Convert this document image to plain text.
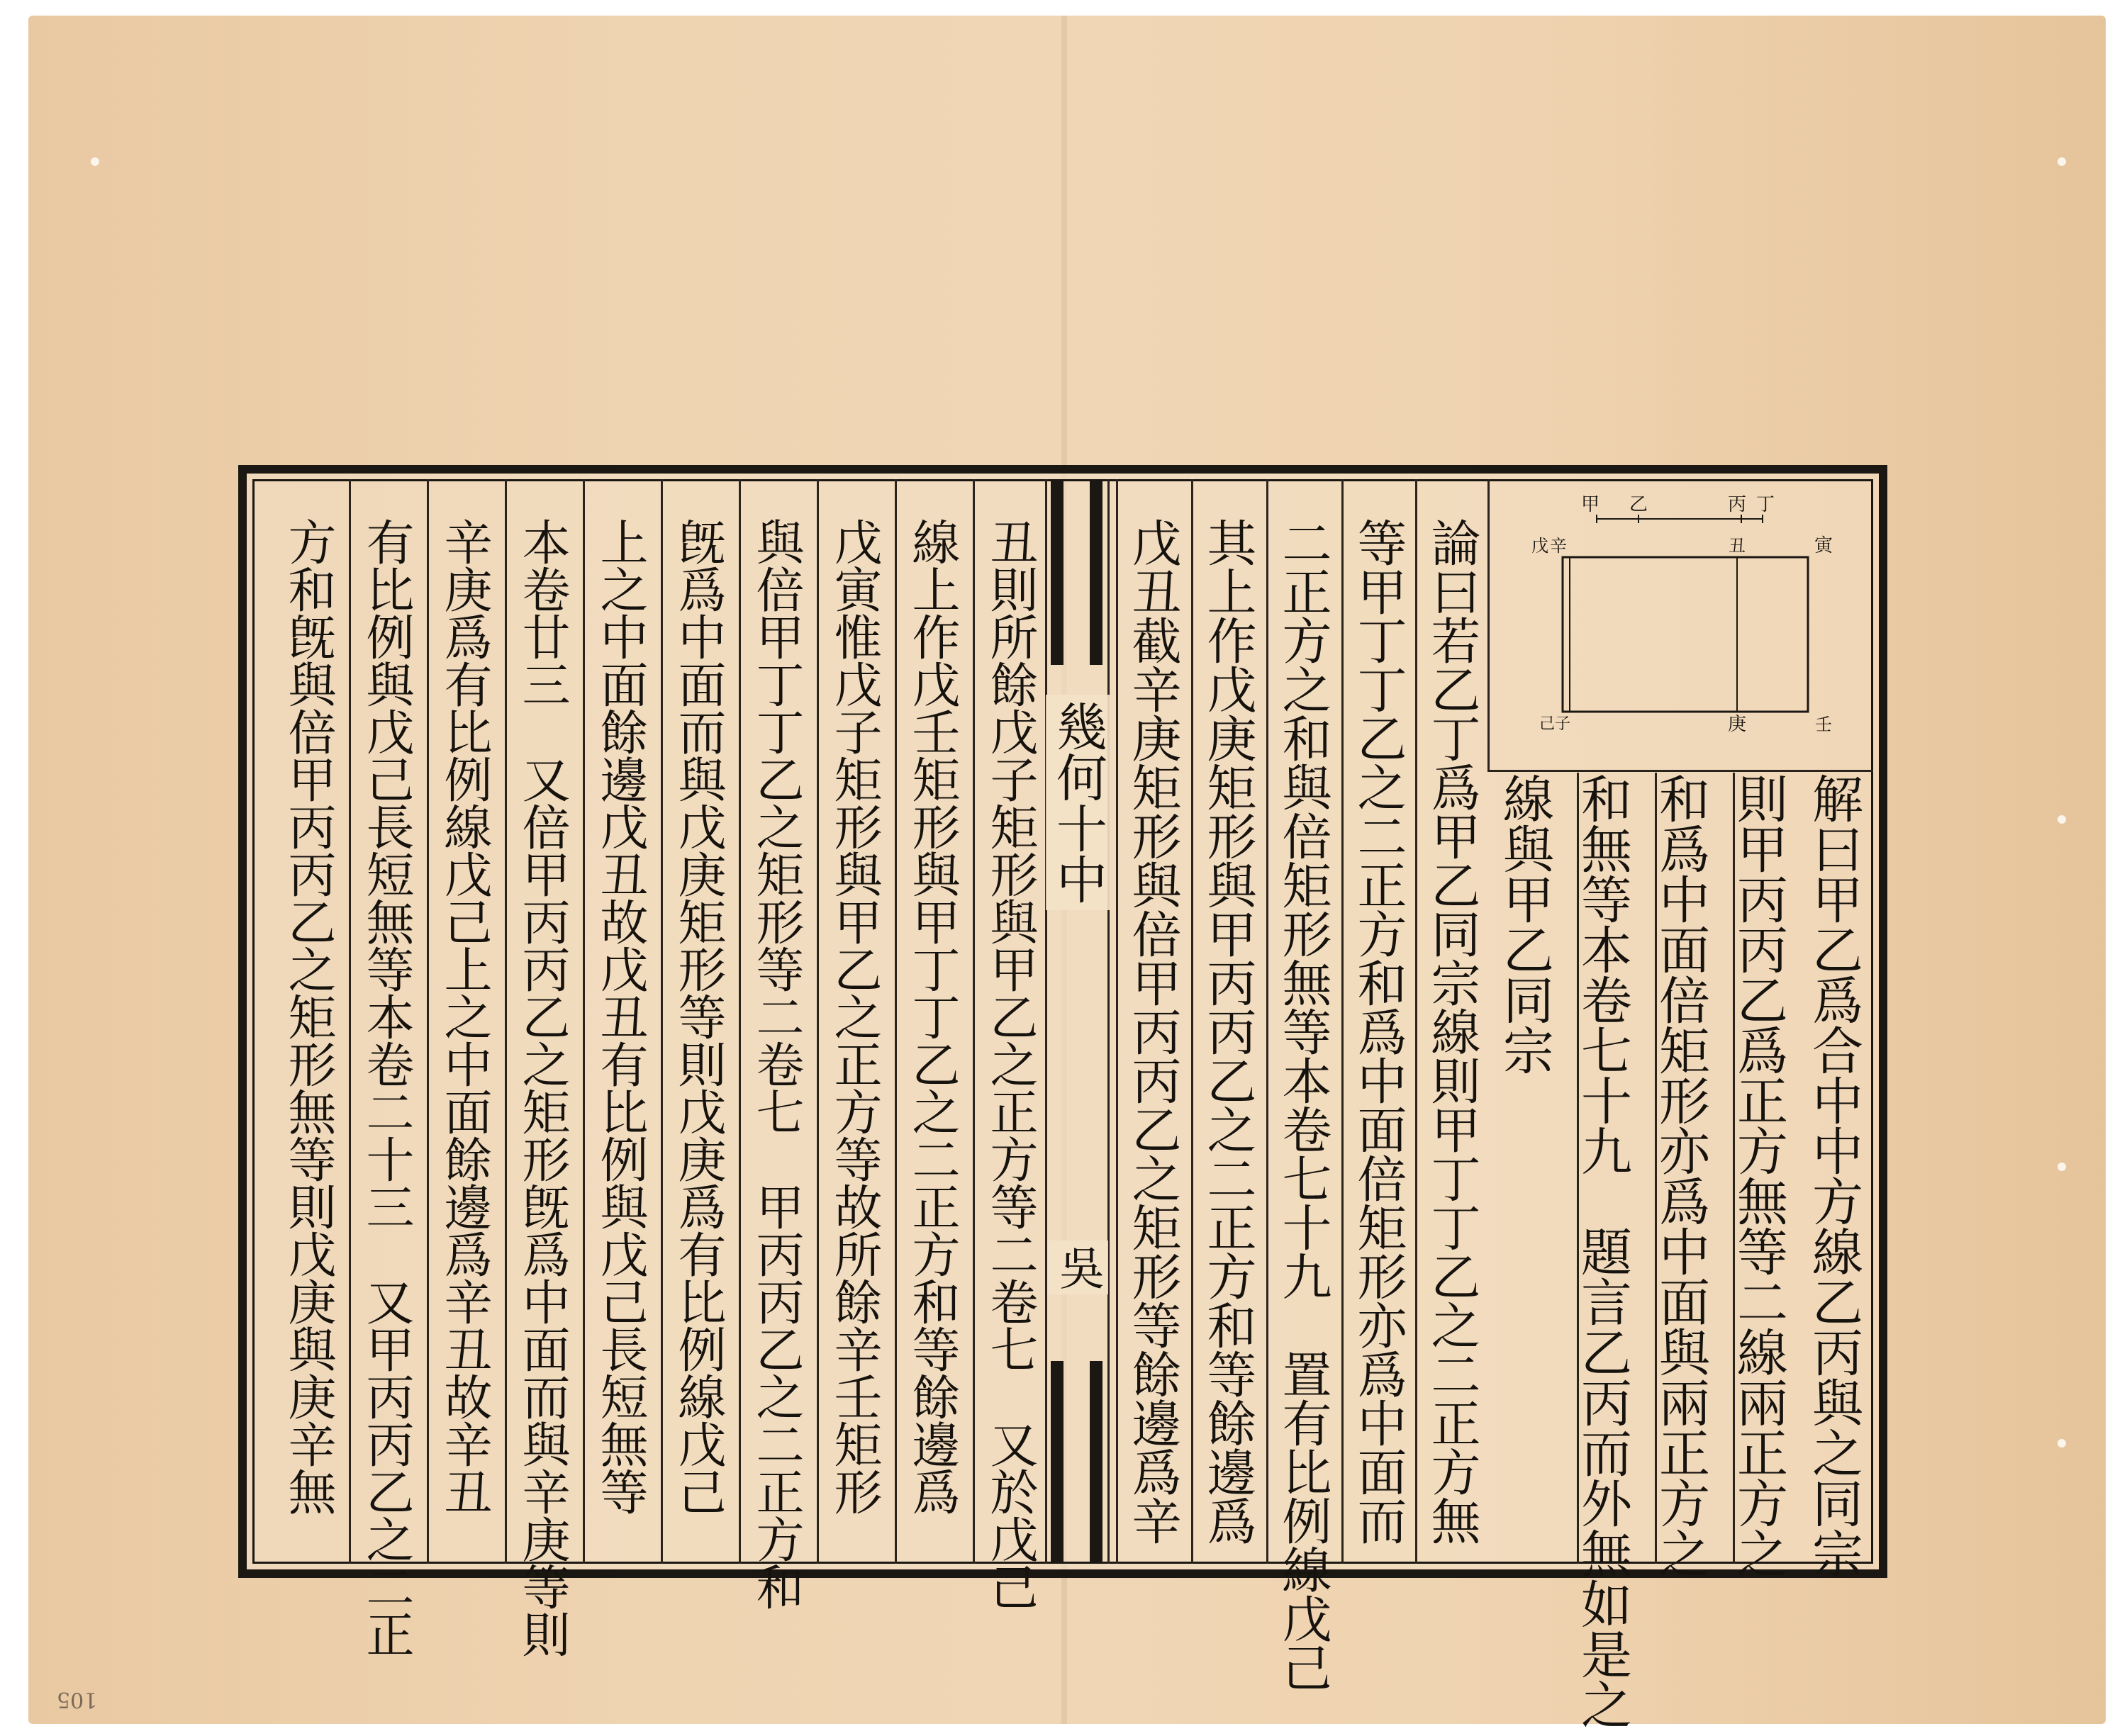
幾何十中
吳
甲 乙	丙 丁
戊 辛	丑	寅
己 子	庚	壬
解曰甲乙爲合中中方線乙丙與之同宗
則甲丙丙乙爲正方無等二線兩正方之
和爲中面倍矩形亦爲中面與兩正方之
和無等本卷七十九　題言乙丙而外無如是之
線與甲乙同宗
論曰若乙丁爲甲乙同宗線則甲丁丁乙之二正方無
等甲丁丁乙之二正方和爲中面倍矩形亦爲中面而
二正方之和與倍矩形無等本卷七十九　置有比例線戊己
其上作戊庚矩形與甲丙丙乙之二正方和等餘邊爲
戊丑截辛庚矩形與倍甲丙丙乙之矩形等餘邊爲辛
丑則所餘戊子矩形與甲乙之正方等二卷七　又於戊己
線上作戊壬矩形與甲丁丁乙之二正方和等餘邊爲
戊寅惟戊子矩形與甲乙之正方等故所餘辛壬矩形
與倍甲丁丁乙之矩形等二卷七　甲丙丙乙之二正方和
旣爲中面而與戊庚矩形等則戊庚爲有比例線戊己
上之中面餘邊戊丑故戊丑有比例與戊己長短無等
本卷廿三　又倍甲丙丙乙之矩形旣爲中面而與辛庚等則
辛庚爲有比例線戊己上之中面餘邊爲辛丑故辛丑
有比例與戊己長短無等本卷二十三　又甲丙丙乙之二正
方和旣與倍甲丙丙乙之矩形無等則戊庚與庚辛無
105
